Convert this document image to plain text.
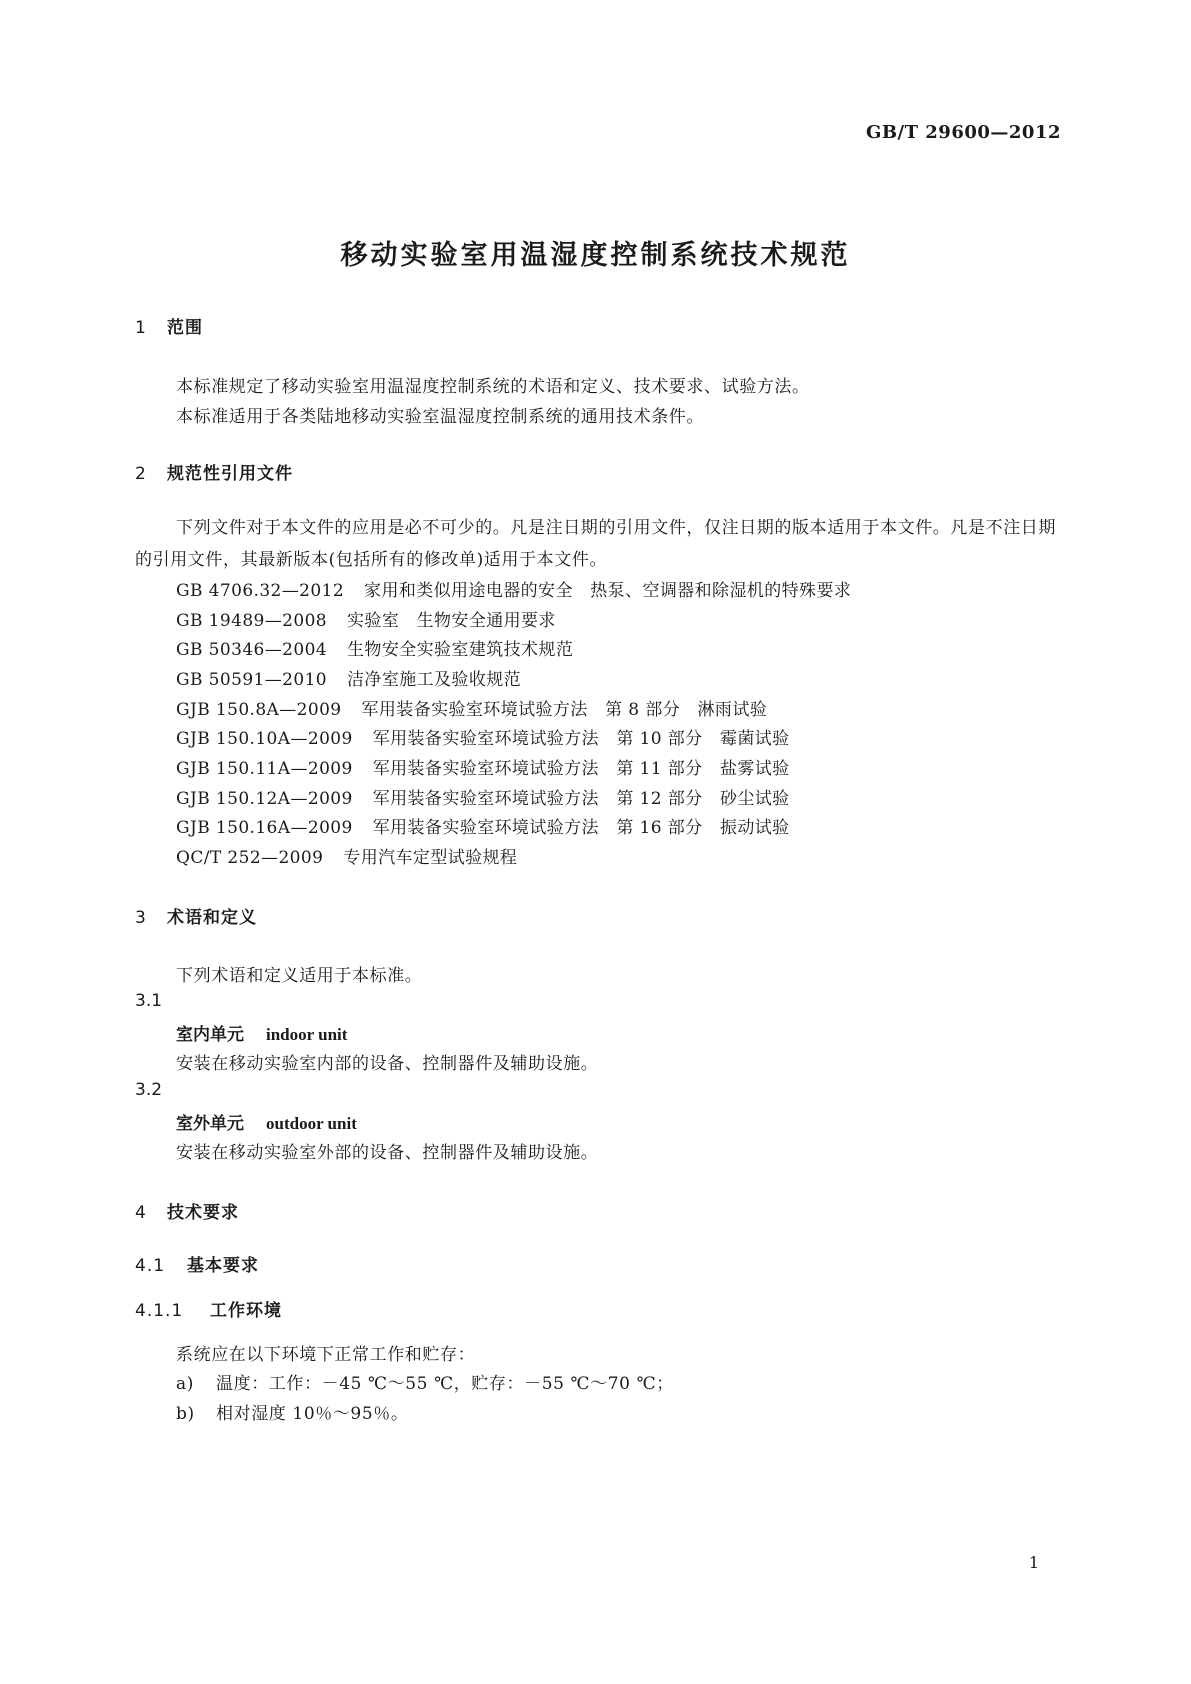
GB/T 29600—2012
移动实验室用温湿度控制系统技术规范
1 范围
本标准规定了移动实验室用温湿度控制系统的术语和定义、技术要求、试验方法。
本标准适用于各类陆地移动实验室温湿度控制系统的通用技术条件。
2 规范性引用文件
下列文件对于本文件的应用是必不可少的。凡是注日期的引用文件，仅注日期的版本适用于本文件。凡是不注日期的引用文件，其最新版本(包括所有的修改单)适用于本文件。
GB 4706.32—2012 家用和类似用途电器的安全　热泵、空调器和除湿机的特殊要求
GB 19489—2008 实验室　生物安全通用要求
GB 50346—2004 生物安全实验室建筑技术规范
GB 50591—2010 洁净室施工及验收规范
GJB 150.8A—2009 军用装备实验室环境试验方法　第 8 部分　淋雨试验
GJB 150.10A—2009 军用装备实验室环境试验方法　第 10 部分　霉菌试验
GJB 150.11A—2009 军用装备实验室环境试验方法　第 11 部分　盐雾试验
GJB 150.12A—2009 军用装备实验室环境试验方法　第 12 部分　砂尘试验
GJB 150.16A—2009 军用装备实验室环境试验方法　第 16 部分　振动试验
QC/T 252—2009 专用汽车定型试验规程
3 术语和定义
下列术语和定义适用于本标准。
3.1
室内单元 indoor unit
安装在移动实验室内部的设备、控制器件及辅助设施。
3.2
室外单元 outdoor unit
安装在移动实验室外部的设备、控制器件及辅助设施。
4 技术要求
4.1 基本要求
4.1.1 工作环境
系统应在以下环境下正常工作和贮存：
a) 温度：工作：－45 ℃～55 ℃，贮存：－55 ℃～70 ℃；
b) 相对湿度 10％～95％。
1
